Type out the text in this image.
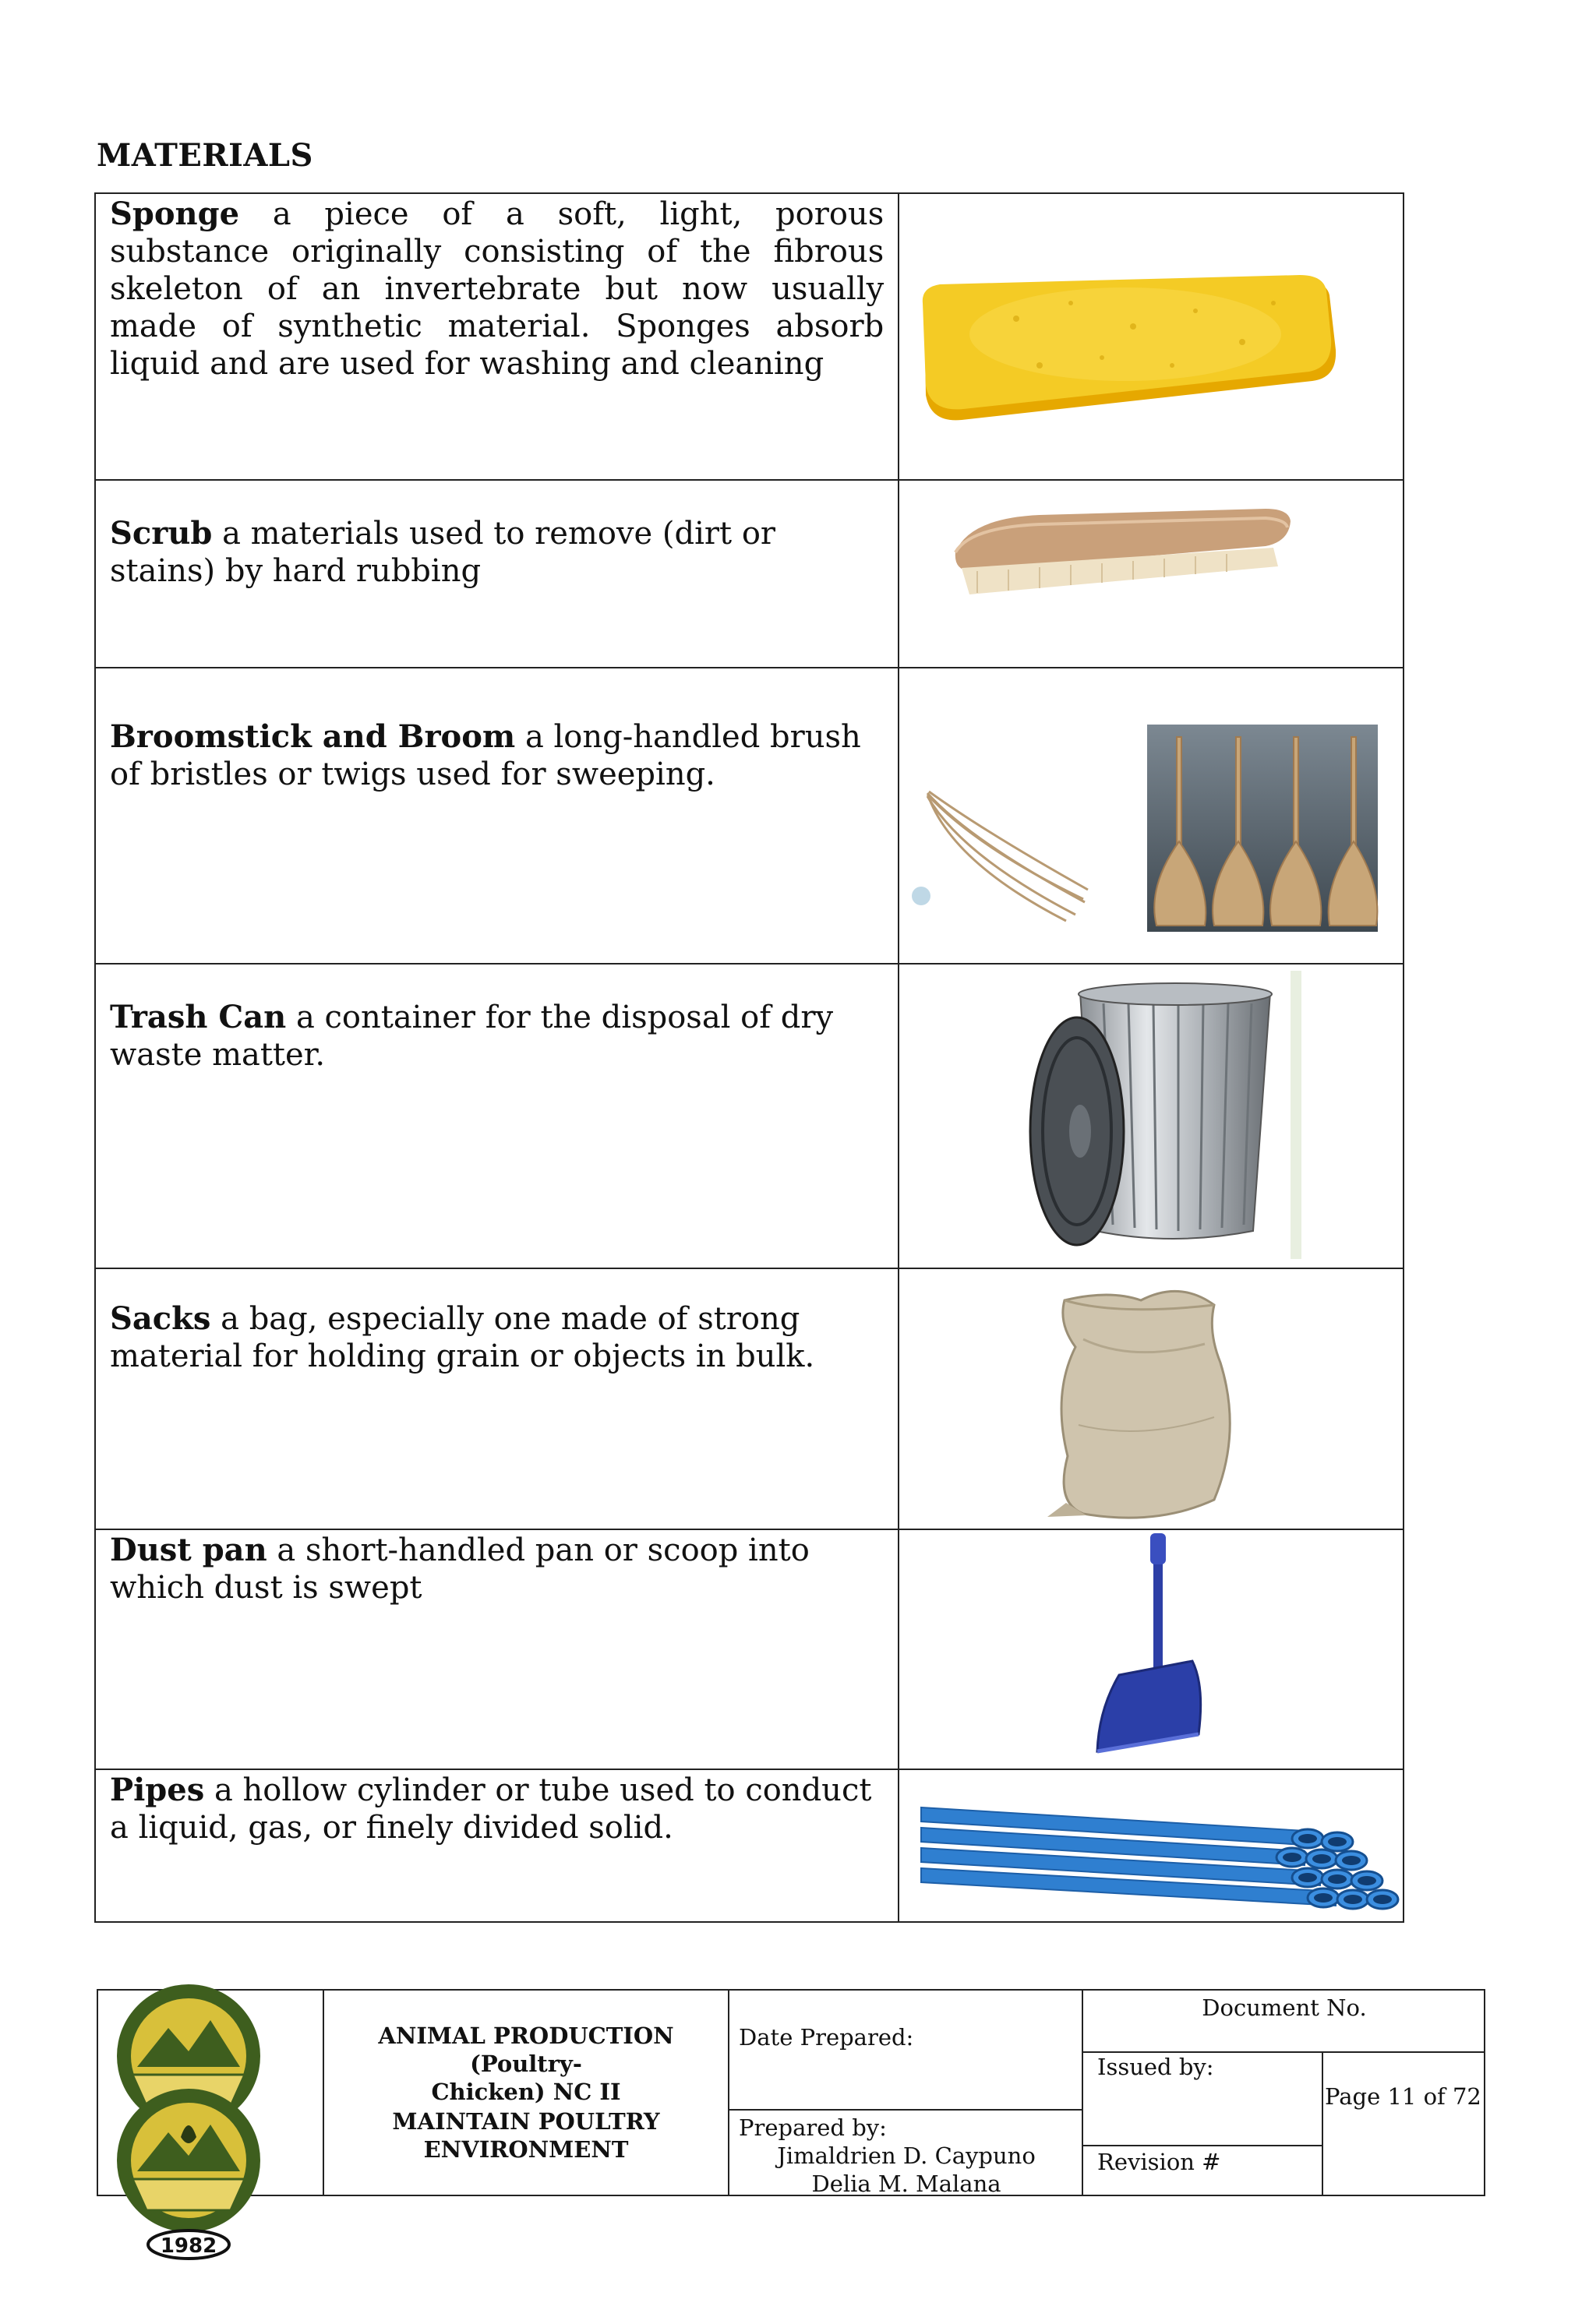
MATERIALS
Sponge a piece of a soft, light, porous substance originally consisting of the fibrous skeleton of an invertebrate but now usually made of synthetic material. Sponges absorb liquid and are used for washing and cleaning

Scrub a materials used to remove (dirt or stains) by hard rubbing

Broomstick and Broom a long-handled brush of bristles or twigs used for sweeping.

Trash Can a container for the disposal of dry waste matter.

Sacks a bag, especially one made of strong material for holding grain or objects in bulk.

Dust pan a short-handled pan or scoop into which dust is swept

Pipes a hollow cylinder or tube used to conduct a liquid, gas, or finely divided solid.

1982
ANIMAL PRODUCTION (Poultry-
Chicken) NC II
MAINTAIN POULTRY
ENVIRONMENT
Date Prepared:
Prepared by:
Jimaldrien D. Caypuno
Delia M. Malana
Document No.
Issued by:
Page 11 of 72
Revision #
